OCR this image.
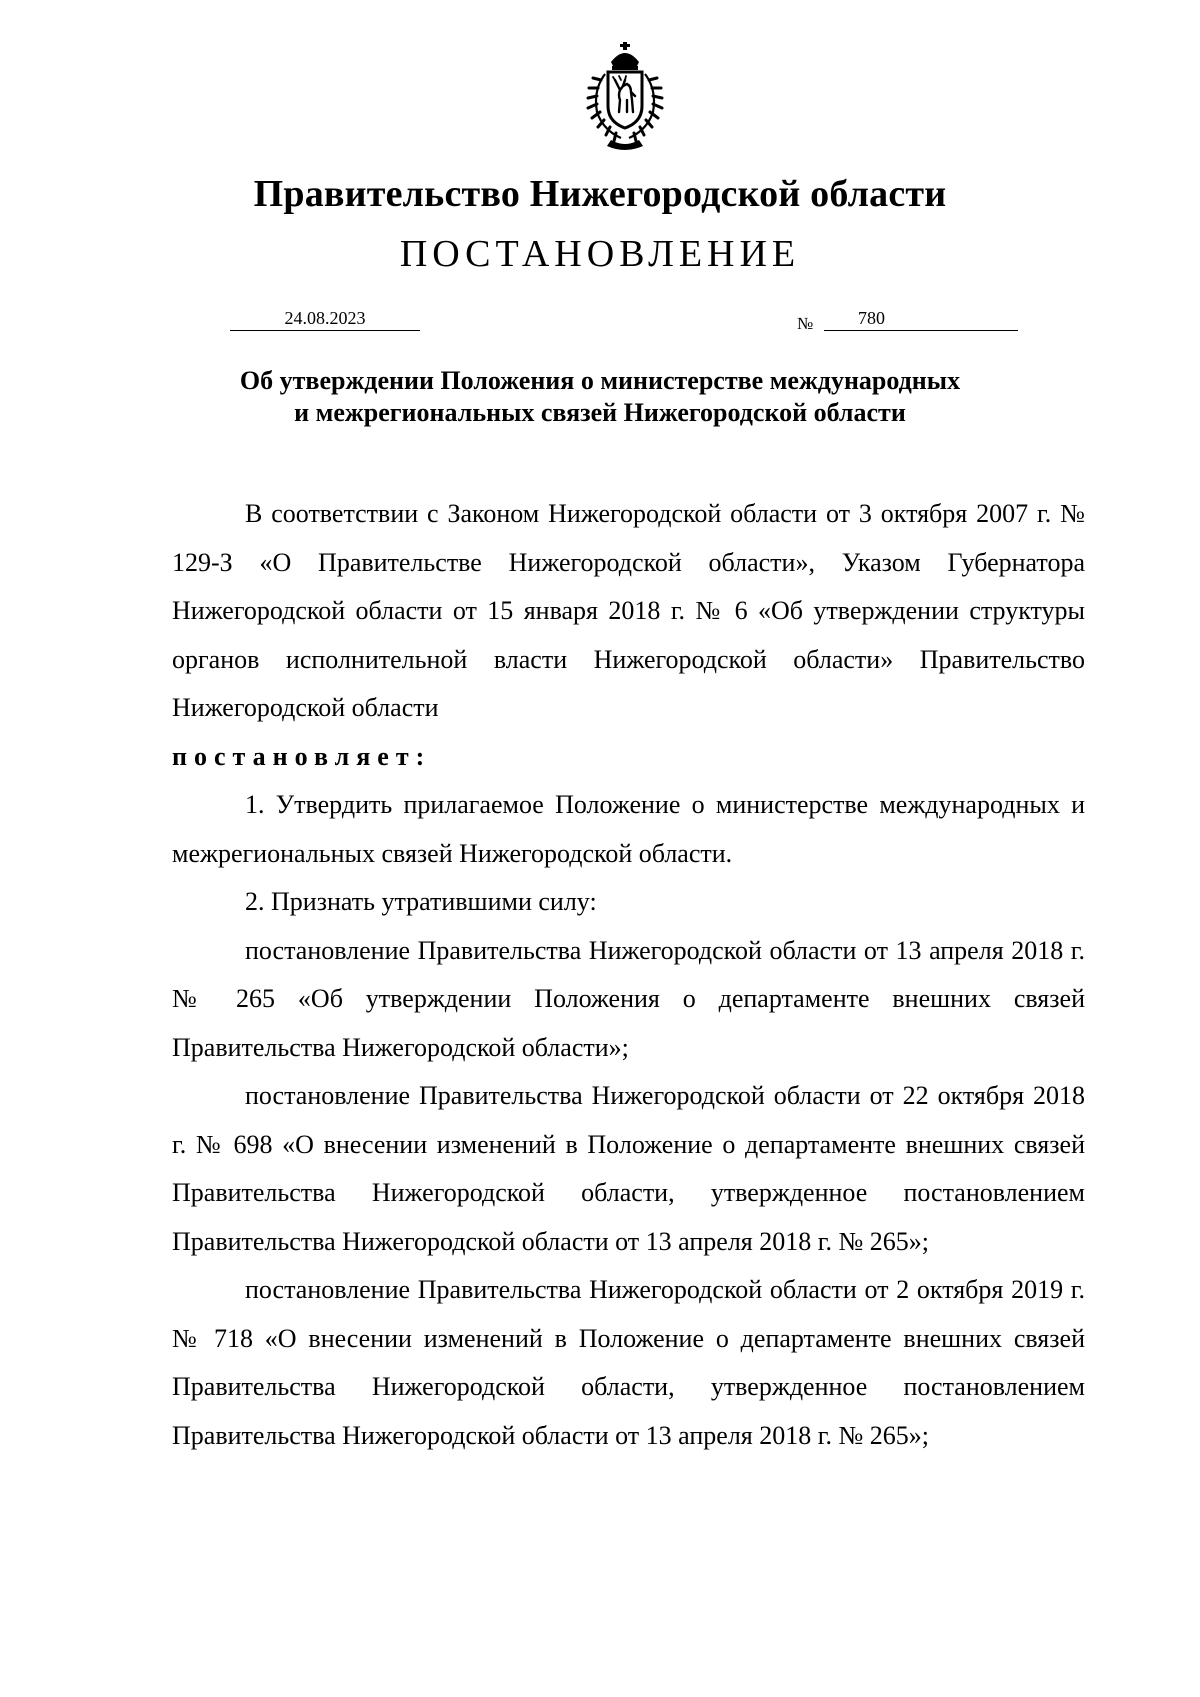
Правительство Нижегородской области
ПОСТАНОВЛЕНИЕ
24.08.2023	№	780
Об утверждении Положения о министерстве международных
и межрегиональных связей Нижегородской области

В соответствии с Законом Нижегородской области от 3 октября 2007 г. № 129-З «О Правительстве Нижегородской области», Указом Губернатора Нижегородской области от 15 января 2018 г. № 6 «Об утверждении структуры органов исполнительной власти Нижегородской области» Правительство Нижегородской области

постановляет:

1. Утвердить прилагаемое Положение о министерстве международных и межрегиональных связей Нижегородской области.

2. Признать утратившими силу:

постановление Правительства Нижегородской области от 13 апреля 2018 г. № 265 «Об утверждении Положения о департаменте внешних связей Правительства Нижегородской области»;

постановление Правительства Нижегородской области от 22 октября 2018 г. № 698 «О внесении изменений в Положение о департаменте внешних связей Правительства Нижегородской области, утвержденное постановлением Правительства Нижегородской области от 13 апреля 2018 г. № 265»;

постановление Правительства Нижегородской области от 2 октября 2019 г. № 718 «О внесении изменений в Положение о департаменте внешних связей Правительства Нижегородской области, утвержденное постановлением Правительства Нижегородской области от 13 апреля 2018 г. № 265»;
